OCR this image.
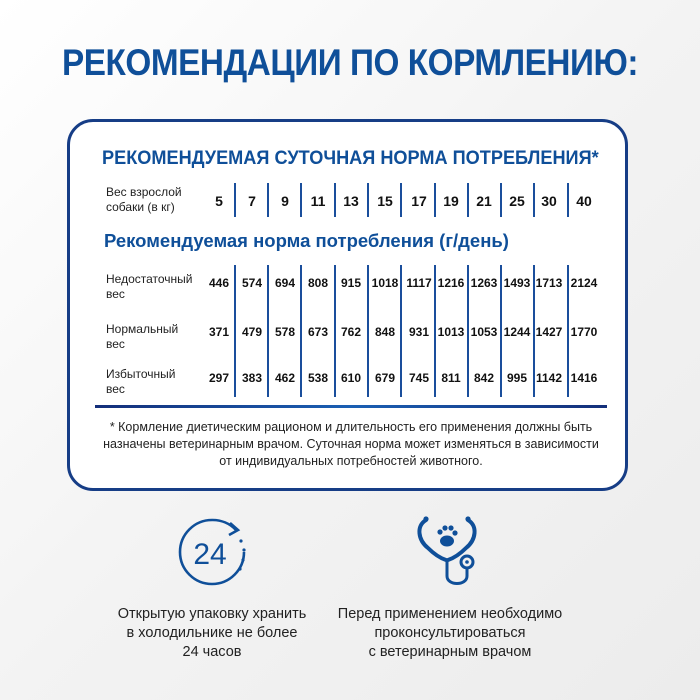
РЕКОМЕНДАЦИИ ПО КОРМЛЕНИЮ:
РЕКОМЕНДУЕМАЯ СУТОЧНАЯ НОРМА ПОТРЕБЛЕНИЯ*
Вес взрослой
собаки (в кг)	5 7 9 11 13 15 17 19 21 25 30 40
Рекомендуемая норма потребления (г/день)
Недостаточный
вес
Нормальный
вес
Избыточный
вес
446 574 694 808 915 1018 1117 1216 1263 1493 1713 2124
371 479 578 673 762 848 931 1013 1053 1244 1427 1770
297 383 462 538 610 679 745 811 842 995 1142 1416
* Кормление диетическим рационом и длительность его применения должны быть
назначены ветеринарным врачом. Суточная норма может изменяться в зависимости
от индивидуальных потребностей животного.
24
Открытую упаковку хранить
в холодильнике не более
24 часов
Перед применением необходимо
проконсультироваться
с ветеринарным врачом
